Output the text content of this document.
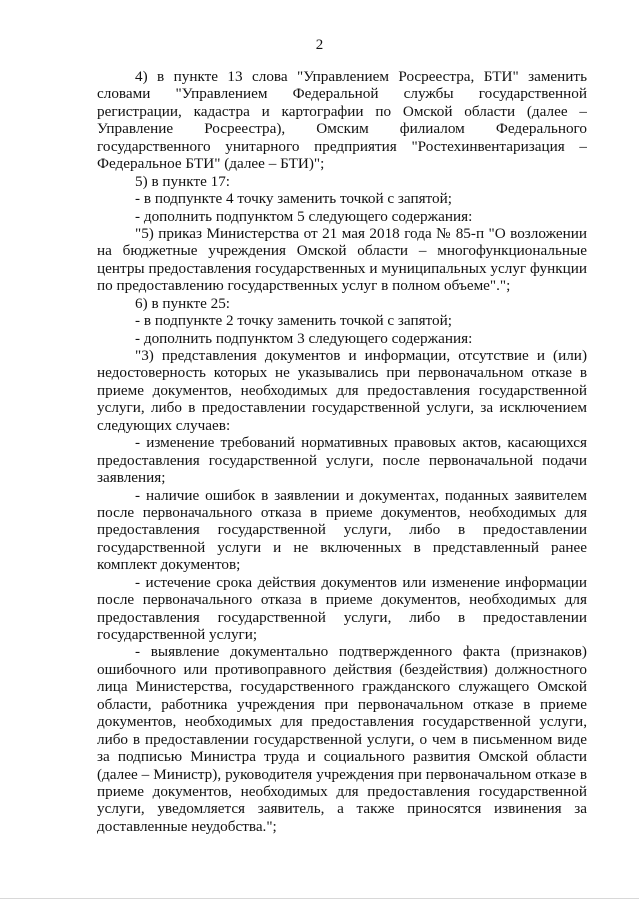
2
4) в пункте 13 слова "Управлением Росреестра, БТИ" заменить
словами "Управлением Федеральной службы государственной
регистрации, кадастра и картографии по Омской области (далее –
Управление Росреестра), Омским филиалом Федерального
государственного унитарного предприятия "Ростехинвентаризация –
Федеральное БТИ" (далее – БТИ)";
5) в пункте 17:
- в подпункте 4 точку заменить точкой с запятой;
- дополнить подпунктом 5 следующего содержания:
"5) приказ Министерства от 21 мая 2018 года № 85-п "О возложении
на бюджетные учреждения Омской области – многофункциональные
центры предоставления государственных и муниципальных услуг функции
по предоставлению государственных услуг в полном объеме".";
6) в пункте 25:
- в подпункте 2 точку заменить точкой с запятой;
- дополнить подпунктом 3 следующего содержания:
"3) представления документов и информации, отсутствие и (или)
недостоверность которых не указывались при первоначальном отказе в
приеме документов, необходимых для предоставления государственной
услуги, либо в предоставлении государственной услуги, за исключением
следующих случаев:
- изменение требований нормативных правовых актов, касающихся
предоставления государственной услуги, после первоначальной подачи
заявления;
- наличие ошибок в заявлении и документах, поданных заявителем
после первоначального отказа в приеме документов, необходимых для
предоставления государственной услуги, либо в предоставлении
государственной услуги и не включенных в представленный ранее
комплект документов;
- истечение срока действия документов или изменение информации
после первоначального отказа в приеме документов, необходимых для
предоставления государственной услуги, либо в предоставлении
государственной услуги;
- выявление документально подтвержденного факта (признаков)
ошибочного или противоправного действия (бездействия) должностного
лица Министерства, государственного гражданского служащего Омской
области, работника учреждения при первоначальном отказе в приеме
документов, необходимых для предоставления государственной услуги,
либо в предоставлении государственной услуги, о чем в письменном виде
за подписью Министра труда и социального развития Омской области
(далее – Министр), руководителя учреждения при первоначальном отказе в
приеме документов, необходимых для предоставления государственной
услуги, уведомляется заявитель, а также приносятся извинения за
доставленные неудобства.";
